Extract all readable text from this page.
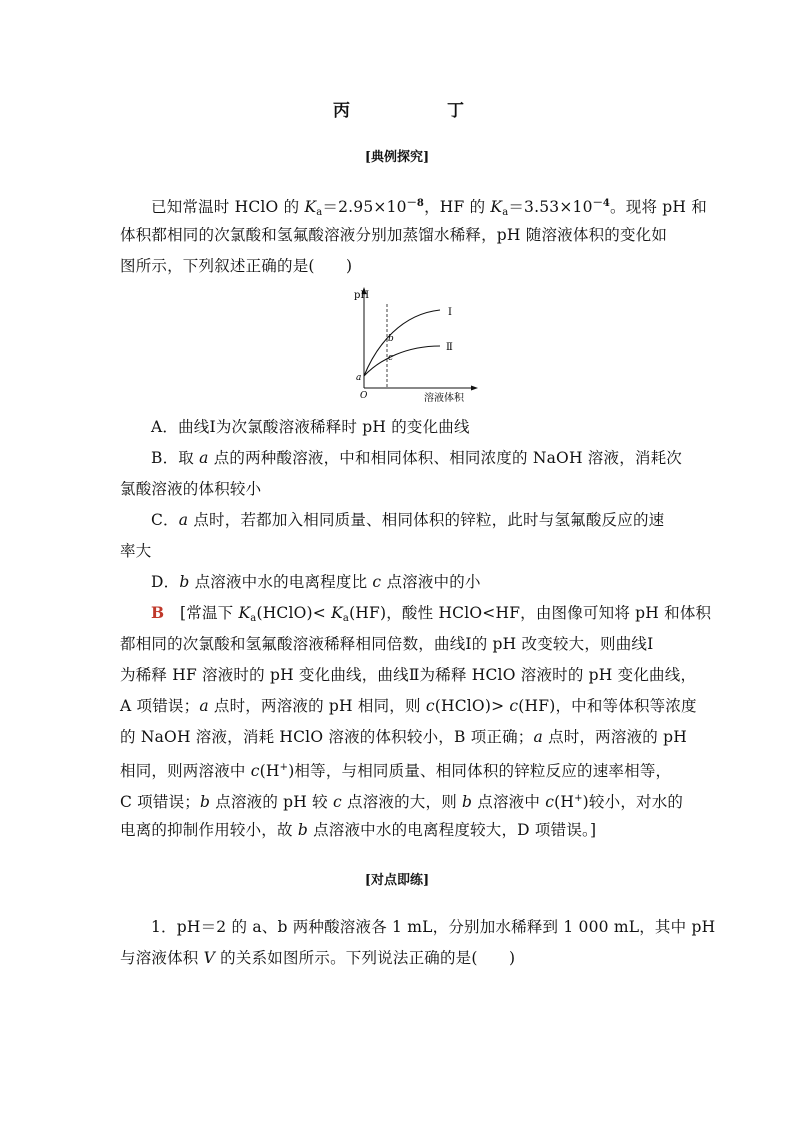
丙	丁
[典例探究]
已知常温时 HClO 的 $K_a=2.95\times 10^{-8}$，HF 的 $K_a=3.53\times 10^{-4}$。现将 pH 和
体积都相同的次氯酸和氢氟酸溶液分别加蒸馏水稀释，pH 随溶液体积的变化如
图所示，下列叙述正确的是(　　)
pH
Ⅰ
Ⅱ
b
c
a
O	溶液体积
A．曲线Ⅰ为次氯酸溶液稀释时 pH 的变化曲线
B．取 a 点的两种酸溶液，中和相同体积、相同浓度的 NaOH 溶液，消耗次
氯酸溶液的体积较小
C．a 点时，若都加入相同质量、相同体积的锌粒，此时与氢氟酸反应的速
率大
D．b 点溶液中水的电离程度比 c 点溶液中的小
B　 [常温下 $K_a(HClO)< K_a(HF)$，酸性 HClO<HF，由图像可知将 pH 和体积
都相同的次氯酸和氢氟酸溶液稀释相同倍数，曲线Ⅰ的 pH 改变较大，则曲线Ⅰ
为稀释 HF 溶液时的 pH 变化曲线，曲线Ⅱ为稀释 HClO 溶液时的 pH 变化曲线，
A 项错误；a 点时，两溶液的 pH 相同，则 c(HClO)> c(HF)，中和等体积等浓度
的 NaOH 溶液，消耗 HClO 溶液的体积较小，B 项正确；a 点时，两溶液的 pH
相同，则两溶液中 c(H+)相等，与相同质量、相同体积的锌粒反应的速率相等，
C 项错误；b 点溶液的 pH 较 c 点溶液的大，则 b 点溶液中 c(H+)较小，对水的
电离的抑制作用较小，故 b 点溶液中水的电离程度较大，D 项错误。]
[对点即练]
1．pH＝2 的 a、b 两种酸溶液各 1 mL，分别加水稀释到 1 000 mL，其中 pH
与溶液体积 V 的关系如图所示。下列说法正确的是(　　)
